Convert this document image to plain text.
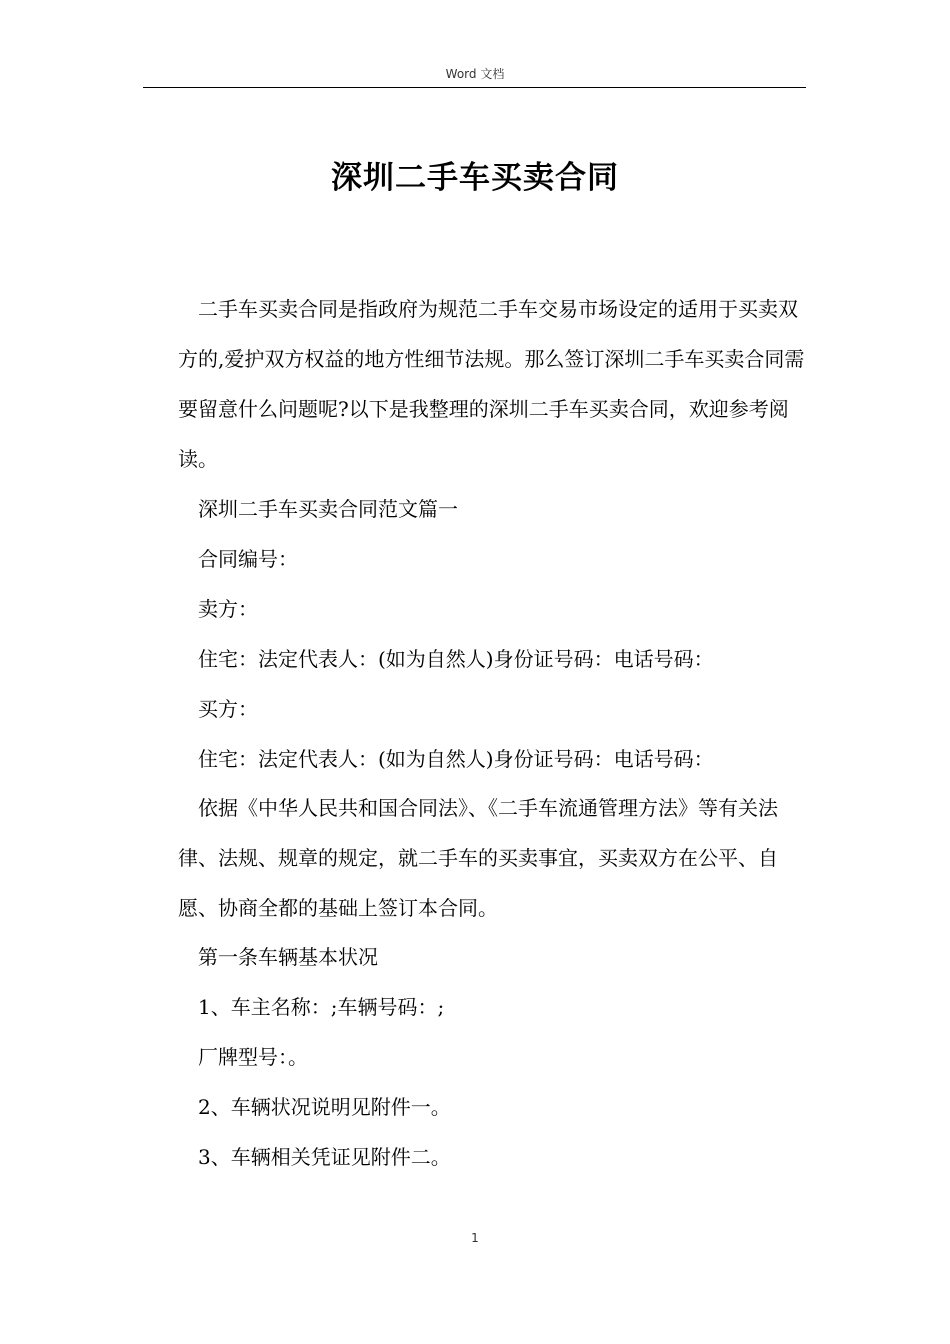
Word 文档
深圳二手车买卖合同
二手车买卖合同是指政府为规范二手车交易市场设定的适用于买卖双方的,爱护双方权益的地方性细节法规。那么签订深圳二手车买卖合同需要留意什么问题呢?以下是我整理的深圳二手车买卖合同，欢迎参考阅读。
深圳二手车买卖合同范文篇一
合同编号：
卖方：
住宅：法定代表人：(如为自然人)身份证号码：电话号码：
买方：
住宅：法定代表人：(如为自然人)身份证号码：电话号码：
依据《中华人民共和国合同法》、《二手车流通管理方法》等有关法律、法规、规章的规定，就二手车的买卖事宜，买卖双方在公平、自愿、协商全都的基础上签订本合同。
第一条车辆基本状况
1、车主名称：;车辆号码：;
厂牌型号：。
2、车辆状况说明见附件一。
3、车辆相关凭证见附件二。
1
